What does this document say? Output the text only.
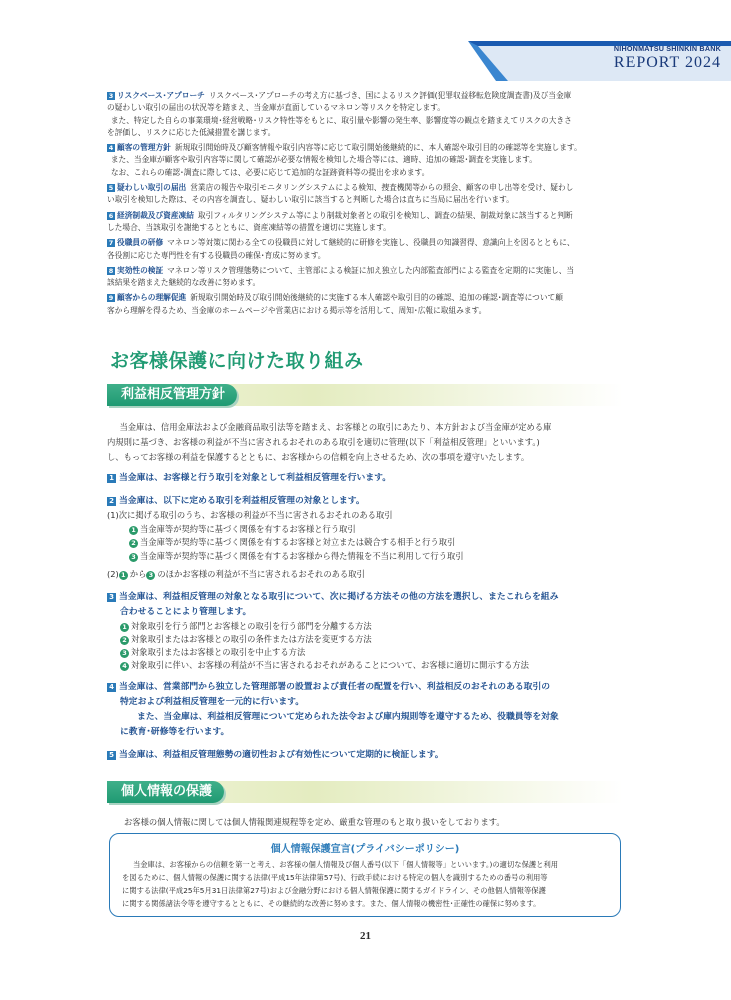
NIHONMATSU SHINKIN BANK
REPORT 2024

3 リスクベース･アプローチ リスクベース･アプローチの考え方に基づき、国によるリスク評価(犯罪収益移転危険度調査書)及び当金庫

の疑わしい取引の届出の状況等を踏まえ、当金庫が直面しているマネロン等リスクを特定します。

また、特定した自らの事業環境･経営戦略･リスク特性等をもとに、取引量や影響の発生率、影響度等の観点を踏まえてリスクの大きさ

を評価し、リスクに応じた低減措置を講じます。

4 顧客の管理方針 新規取引開始時及び顧客情報や取引内容等に応じて取引開始後継続的に、本人確認や取引目的の確認等を実施します。

また、当金庫が顧客や取引内容等に関して確認が必要な情報を検知した場合等には、適時、追加の確認･調査を実施します。

なお、これらの確認･調査に際しては、必要に応じて追加的な証跡資料等の提出を求めます。

5 疑わしい取引の届出 営業店の報告や取引モニタリングシステムによる検知、捜査機関等からの照会、顧客の申し出等を受け、疑わし

い取引を検知した際は、その内容を調査し、疑わしい取引に該当すると判断した場合は直ちに当局に届出を行います。

6 経済制裁及び資産凍結 取引フィルタリングシステム等により制裁対象者との取引を検知し、調査の結果、制裁対象に該当すると判断

した場合、当該取引を謝絶するとともに、資産凍結等の措置を適切に実施します。

7 役職員の研修 マネロン等対策に関わる全ての役職員に対して継続的に研修を実施し、役職員の知識習得、意識向上を図るとともに、

各役割に応じた専門性を有する役職員の確保･育成に努めます。

8 実効性の検証 マネロン等リスク管理態勢について、主管部による検証に加え独立した内部監査部門による監査を定期的に実施し、当

該結果を踏まえた継続的な改善に努めます。

9 顧客からの理解促進 新規取引開始時及び取引開始後継続的に実施する本人確認や取引目的の確認、追加の確認･調査等について顧

客から理解を得るため、当金庫のホームページや営業店における掲示等を活用して、周知･広報に取組みます。

お客様保護に向けた取り組み
利益相反管理方針

当金庫は、信用金庫法および金融商品取引法等を踏まえ、お客様との取引にあたり、本方針および当金庫が定める庫
内規則に基づき、お客様の利益が不当に害されるおそれのある取引を適切に管理(以下「利益相反管理」といいます。)
し、もってお客様の利益を保護するとともに、お客様からの信頼を向上させるため、次の事項を遵守いたします。

1 当金庫は、お客様と行う取引を対象として利益相反管理を行います。

2 当金庫は、以下に定める取引を利益相反管理の対象とします。

(1)次に掲げる取引のうち、お客様の利益が不当に害されるおそれのある取引

1 当金庫等が契約等に基づく関係を有するお客様と行う取引

2 当金庫等が契約等に基づく関係を有するお客様と対立または競合する相手と行う取引

3 当金庫等が契約等に基づく関係を有するお客様から得た情報を不当に利用して行う取引

(2) 1 から 3 のほかお客様の利益が不当に害されるおそれのある取引

3 当金庫は、利益相反管理の対象となる取引について、次に掲げる方法その他の方法を選択し、またこれらを組み

合わせることにより管理します。

1 対象取引を行う部門とお客様との取引を行う部門を分離する方法

2 対象取引またはお客様との取引の条件または方法を変更する方法

3 対象取引またはお客様との取引を中止する方法

4 対象取引に伴い、お客様の利益が不当に害されるおそれがあることについて、お客様に適切に開示する方法

4 当金庫は、営業部門から独立した管理部署の設置および責任者の配置を行い、利益相反のおそれのある取引の

特定および利益相反管理を一元的に行います。

また、当金庫は、利益相反管理について定められた法令および庫内規則等を遵守するため、役職員等を対象

に教育･研修等を行います。

5 当金庫は、利益相反管理態勢の適切性および有効性について定期的に検証します。

個人情報の保護
お客様の個人情報に関しては個人情報関連規程等を定め、厳重な管理のもと取り扱いをしております。
個人情報保護宣言(プライバシーポリシー)

当金庫は、お客様からの信頼を第一と考え、お客様の個人情報及び個人番号(以下「個人情報等」といいます。)の適切な保護と利用
を図るために、個人情報の保護に関する法律(平成15年法律第57号)、行政手続における特定の個人を識別するための番号の利用等
に関する法律(平成25年5月31日法律第27号)および金融分野における個人情報保護に関するガイドライン、その他個人情報等保護
に関する関係諸法令等を遵守するとともに、その継続的な改善に努めます。また、個人情報の機密性･正確性の確保に努めます。

21
